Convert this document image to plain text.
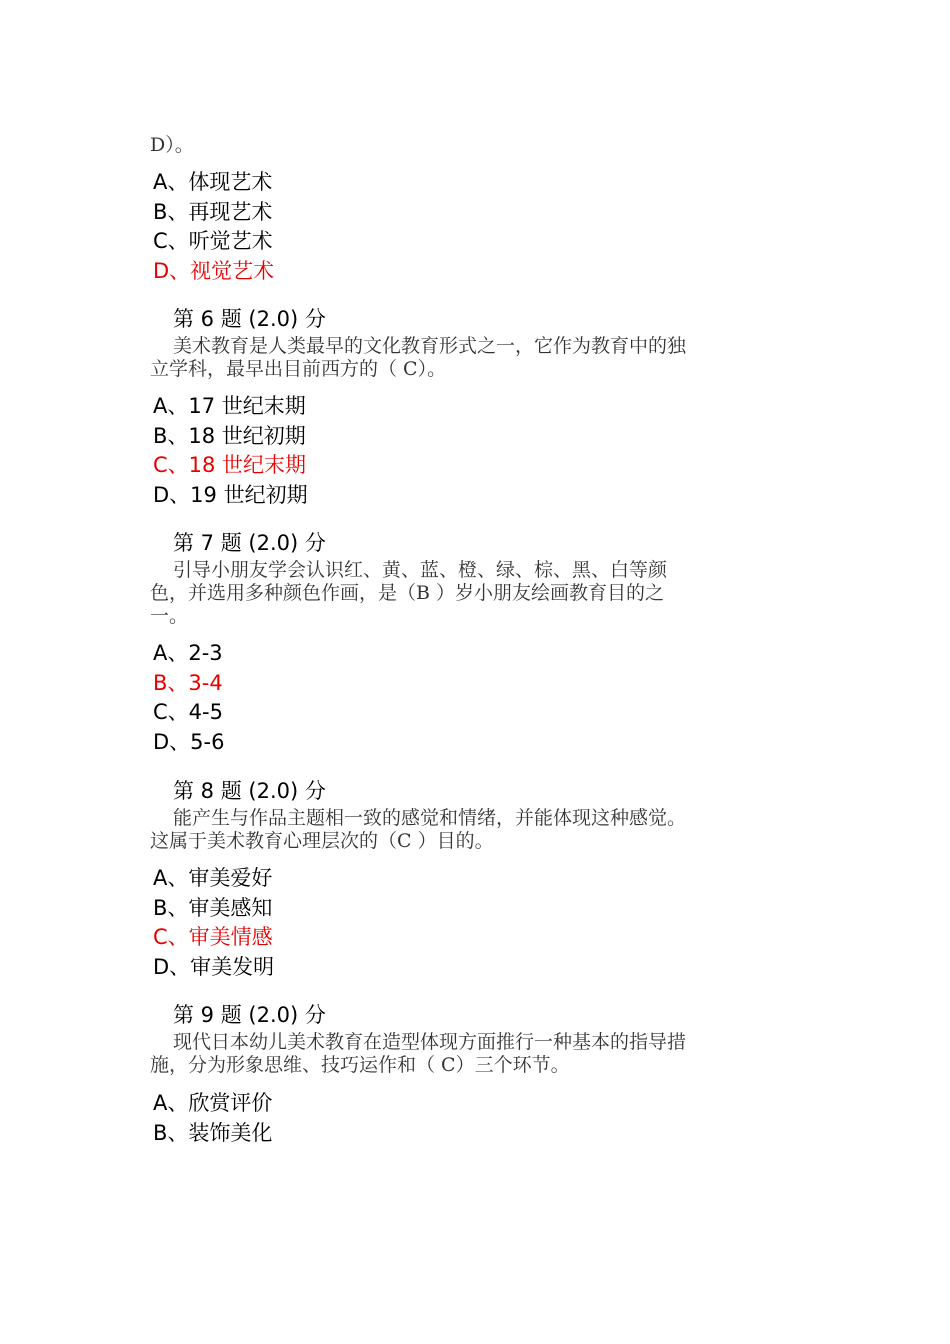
D）。
A、体现艺术
B、再现艺术
C、听觉艺术
D、视觉艺术
第 6 题 (2.0) 分
美术教育是人类最早的文化教育形式之一，它作为教育中的独
立学科，最早出目前西方的（ C）。
A、17 世纪末期
B、18 世纪初期
C、18 世纪末期
D、19 世纪初期
第 7 题 (2.0) 分
引导小朋友学会认识红、黄、蓝、橙、绿、棕、黑、白等颜
色，并选用多种颜色作画，是（B ）岁小朋友绘画教育目的之
一。
A、2-3
B、3-4
C、4-5
D、5-6
第 8 题 (2.0) 分
能产生与作品主题相一致的感觉和情绪，并能体现这种感觉。
这属于美术教育心理层次的（C ）目的。
A、审美爱好
B、审美感知
C、审美情感
D、审美发明
第 9 题 (2.0) 分
现代日本幼儿美术教育在造型体现方面推行一种基本的指导措
施，分为形象思维、技巧运作和（ C）三个环节。
A、欣赏评价
B、装饰美化
